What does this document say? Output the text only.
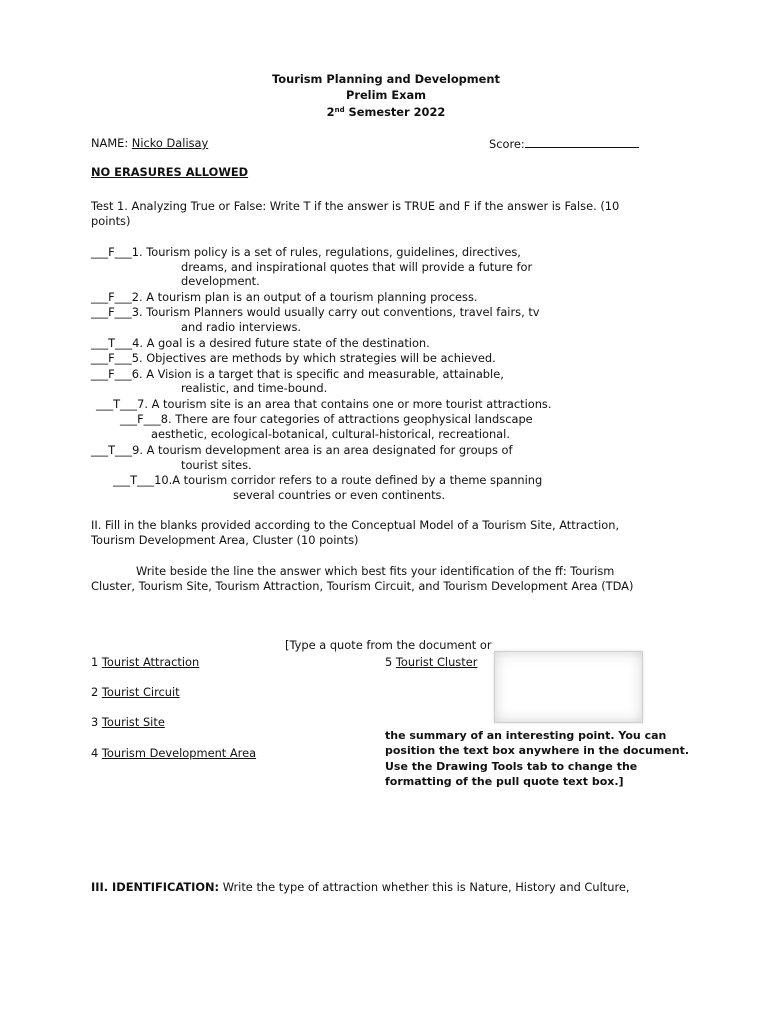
Tourism Planning and Development
Prelim Exam
2nd Semester 2022
NAME: Nicko Dalisay	Score:
NO ERASURES ALLOWED
Test 1. Analyzing True or False: Write T if the answer is TRUE and F if the answer is False. (10
points)
___F___1. Tourism policy is a set of rules, regulations, guidelines, directives,
dreams, and inspirational quotes that will provide a future for
development.
___F___2. A tourism plan is an output of a tourism planning process.
___F___3. Tourism Planners would usually carry out conventions, travel fairs, tv
and radio interviews.
___T___4. A goal is a desired future state of the destination.
___F___5. Objectives are methods by which strategies will be achieved.
___F___6. A Vision is a target that is specific and measurable, attainable,
realistic, and time-bound.
___T___7. A tourism site is an area that contains one or more tourist attractions.
___F___8. There are four categories of attractions geophysical landscape
aesthetic, ecological-botanical, cultural-historical, recreational.
___T___9. A tourism development area is an area designated for groups of
tourist sites.
___T___10.A tourism corridor refers to a route defined by a theme spanning
several countries or even continents.
II. Fill in the blanks provided according to the Conceptual Model of a Tourism Site, Attraction,
Tourism Development Area, Cluster (10 points)
Write beside the line the answer which best fits your identification of the ff: Tourism
Cluster, Tourism Site, Tourism Attraction, Tourism Circuit, and Tourism Development Area (TDA)
[Type a quote from the document or
1 Tourist Attraction	5 Tourist Cluster
2 Tourist Circuit
3 Tourist Site
4 Tourism Development Area
the summary of an interesting point. You can
position the text box anywhere in the document.
Use the Drawing Tools tab to change the
formatting of the pull quote text box.]
III. IDENTIFICATION: Write the type of attraction whether this is Nature, History and Culture,
